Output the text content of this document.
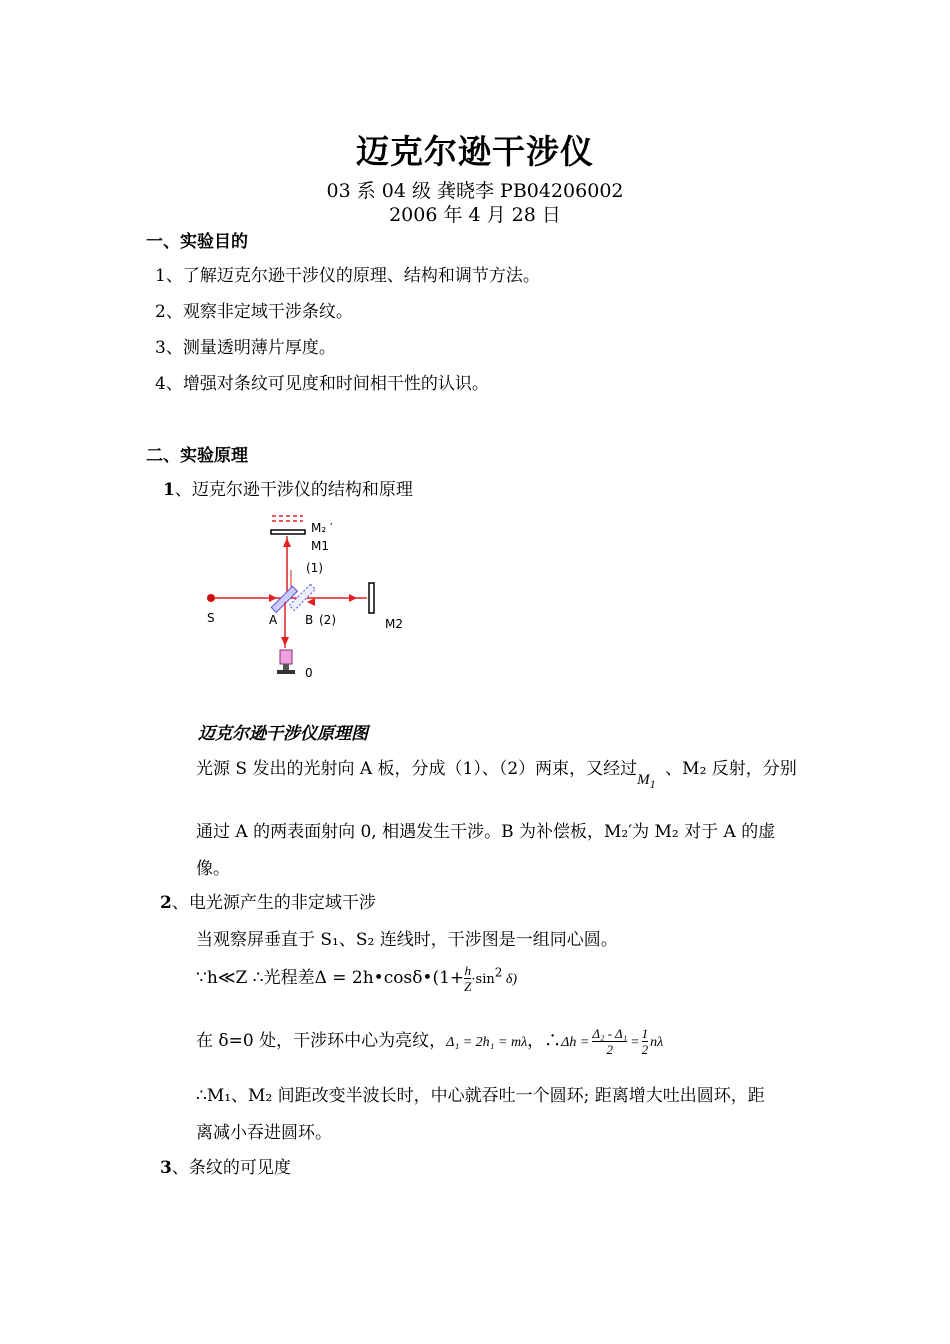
迈克尔逊干涉仪
03 系 04 级 龚晓李 PB04206002
2006 年 4 月 28 日
一、实验目的
1、了解迈克尔逊干涉仪的原理、结构和调节方法。
2、观察非定域干涉条纹。
3、测量透明薄片厚度。
4、增强对条纹可见度和时间相干性的认识。
二、实验原理
1、迈克尔逊干涉仪的结构和原理
M₂ ′
M1
(1)
S	A B (2)	M2
0
迈克尔逊干涉仪原理图
光源 S 发出的光射向 A 板，分成（1）、（2）两束，又经过$M_1$、M₂ 反射，分别
通过 A 的两表面射向 0, 相遇发生干涉。B 为补偿板，M₂′为 M₂ 对于 A 的虚
像。
2、电光源产生的非定域干涉
当观察屏垂直于 S₁、S₂ 连线时，干涉图是一组同心圆。
∵h≪Z ∴光程差Δ = 2h•cosδ•(1+ $\frac{h}{Z} \cdot\sin^2$ δ)
在 δ=0 处，干涉环中心为亮纹，Δ₁ = 2h₁ = mλ，∴Δh = $\frac{\text{Δ₂ - Δ₁}}{2} = \frac{1}{2}$ nλ
∴M₁、M₂ 间距改变半波长时，中心就吞吐一个圆环; 距离增大吐出圆环，距
离减小吞进圆环。
3、条纹的可见度
